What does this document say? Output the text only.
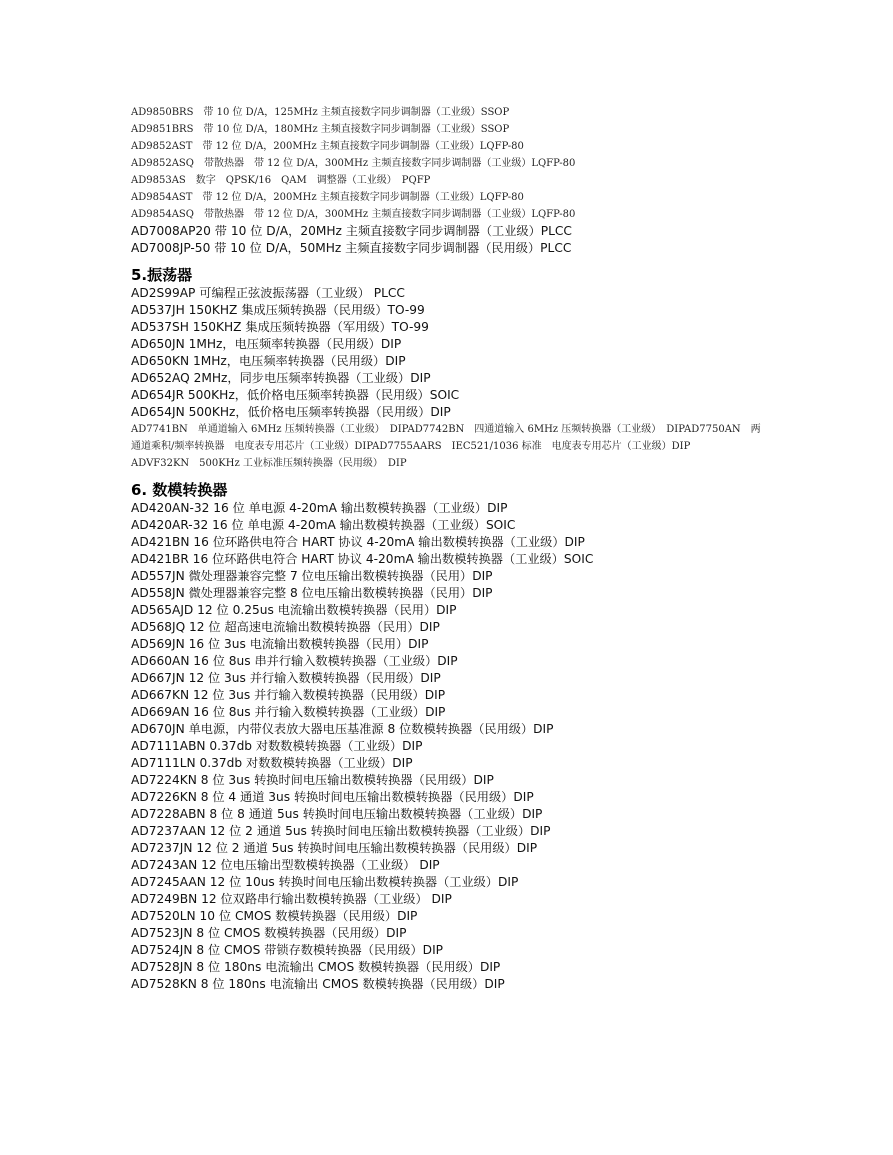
AD9850BRS　带 10 位 D/A，125MHz 主频直接数字同步调制器（工业级）SSOP
AD9851BRS　带 10 位 D/A，180MHz 主频直接数字同步调制器（工业级）SSOP
AD9852AST　带 12 位 D/A，200MHz 主频直接数字同步调制器（工业级）LQFP-80
AD9852ASQ　带散热器　带 12 位 D/A，300MHz 主频直接数字同步调制器（工业级）LQFP-80
AD9853AS　数字　QPSK/16　QAM　调整器（工业级）　PQFP
AD9854AST　带 12 位 D/A，200MHz 主频直接数字同步调制器（工业级）LQFP-80
AD9854ASQ　带散热器　带 12 位 D/A，300MHz 主频直接数字同步调制器（工业级）LQFP-80
AD7008AP20 带 10 位 D/A，20MHz 主频直接数字同步调制器（工业级）PLCC
AD7008JP-50 带 10 位 D/A，50MHz 主频直接数字同步调制器（民用级）PLCC
5.振荡器
AD2S99AP 可编程正弦波振荡器（工业级） PLCC
AD537JH 150KHZ 集成压频转换器（民用级）TO-99
AD537SH 150KHZ 集成压频转换器（军用级）TO-99
AD650JN 1MHz，电压频率转换器（民用级）DIP
AD650KN 1MHz，电压频率转换器（民用级）DIP
AD652AQ 2MHz，同步电压频率转换器（工业级）DIP
AD654JR 500KHz，低价格电压频率转换器（民用级）SOIC
AD654JN 500KHz，低价格电压频率转换器（民用级）DIP
AD7741BN　单通道输入 6MHz 压频转换器（工业级）　DIPAD7742BN　四通道输入 6MHz 压频转换器（工业级）　DIPAD7750AN　两通道乘积/频率转换器　电度表专用芯片（工业级）DIPAD7755AARS　IEC521/1036 标准　电度表专用芯片（工业级）DIP
ADVF32KN　500KHz 工业标准压频转换器（民用级）　DIP
6. 数模转换器
AD420AN-32 16 位 单电源 4-20mA 输出数模转换器（工业级）DIP
AD420AR-32 16 位 单电源 4-20mA 输出数模转换器（工业级）SOIC
AD421BN 16 位环路供电符合 HART 协议 4-20mA 输出数模转换器（工业级）DIP
AD421BR 16 位环路供电符合 HART 协议 4-20mA 输出数模转换器（工业级）SOIC
AD557JN 微处理器兼容完整 7 位电压输出数模转换器（民用）DIP
AD558JN 微处理器兼容完整 8 位电压输出数模转换器（民用）DIP
AD565AJD 12 位 0.25us 电流输出数模转换器（民用）DIP
AD568JQ 12 位 超高速电流输出数模转换器（民用）DIP
AD569JN 16 位 3us 电流输出数模转换器（民用）DIP
AD660AN 16 位 8us 串并行输入数模转换器（工业级）DIP
AD667JN 12 位 3us 并行输入数模转换器（民用级）DIP
AD667KN 12 位 3us 并行输入数模转换器（民用级）DIP
AD669AN 16 位 8us 并行输入数模转换器（工业级）DIP
AD670JN 单电源，内带仪表放大器电压基准源 8 位数模转换器（民用级）DIP
AD7111ABN 0.37db 对数数模转换器（工业级）DIP
AD7111LN 0.37db 对数数模转换器（工业级）DIP
AD7224KN 8 位 3us 转换时间电压输出数模转换器（民用级）DIP
AD7226KN 8 位 4 通道 3us 转换时间电压输出数模转换器（民用级）DIP
AD7228ABN 8 位 8 通道 5us 转换时间电压输出数模转换器（工业级）DIP
AD7237AAN 12 位 2 通道 5us 转换时间电压输出数模转换器（工业级）DIP
AD7237JN 12 位 2 通道 5us 转换时间电压输出数模转换器（民用级）DIP
AD7243AN 12 位电压输出型数模转换器（工业级） DIP
AD7245AAN 12 位 10us 转换时间电压输出数模转换器（工业级）DIP
AD7249BN 12 位双路串行输出数模转换器（工业级） DIP
AD7520LN 10 位 CMOS 数模转换器（民用级）DIP
AD7523JN 8 位 CMOS 数模转换器（民用级）DIP
AD7524JN 8 位 CMOS 带锁存数模转换器（民用级）DIP
AD7528JN 8 位 180ns 电流输出 CMOS 数模转换器（民用级）DIP
AD7528KN 8 位 180ns 电流输出 CMOS 数模转换器（民用级）DIP
